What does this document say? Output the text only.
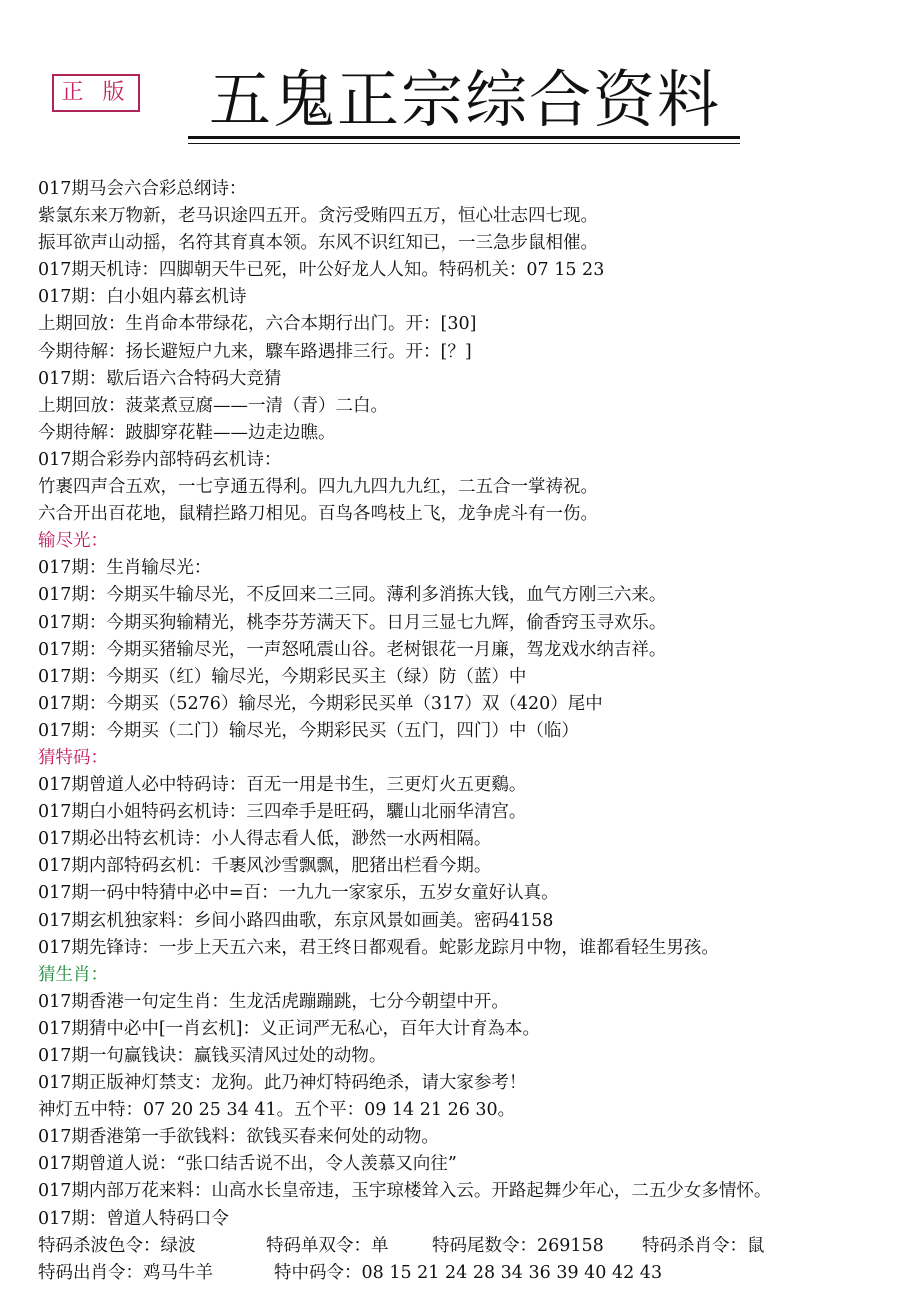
正 版	五鬼正宗综合资料
017期马会六合彩总纲诗：
紫氯东来万物新，老马识途四五开。贪污受贿四五万，恒心壮志四七现。
振耳欲声山动摇，名符其育真本领。东风不识红知已，一三急步鼠相催。
017期天机诗：四脚朝天牛已死，叶公好龙人人知。特码机关：07 15 23
017期：白小姐内幕玄机诗
上期回放：生肖命本带绿花，六合本期行出门。开：[30]
今期待解：扬长避短户九来，驟车路遇排三行。开：[？]
017期：歇后语六合特码大竞猜
上期回放：菠菜煮豆腐——一清（青）二白。
今期待解：跛脚穿花鞋——边走边瞧。
017期合彩券内部特码玄机诗：
竹裹四声合五欢，一七亨通五得利。四九九四九九红，二五合一掌祷祝。
六合开出百花地，鼠精拦路刀相见。百鸟各鸣枝上飞，龙争虎斗有一伤。
输尽光：
017期：生肖输尽光：
017期：今期买牛输尽光，不反回来二三同。薄利多消拣大钱，血气方刚三六来。
017期：今期买狗输精光，桃李芬芳满天下。日月三显七九辉，偷香窍玉寻欢乐。
017期：今期买猪输尽光，一声怒吼震山谷。老树银花一月廉，驾龙戏水纳吉祥。
017期：今期买（红）输尽光，今期彩民买主（绿）防（蓝）中
017期：今期买（5276）输尽光，今期彩民买单（317）双（420）尾中
017期：今期买（二门）输尽光，今期彩民买（五门，四门）中（临）
猜特码：
017期曾道人必中特码诗：百无一用是书生，三更灯火五更鷄。
017期白小姐特码玄机诗：三四牵手是旺码，驪山北丽华清宫。
017期必出特玄机诗：小人得志看人低，渺然一水两相隔。
017期内部特码玄机：千裹风沙雪飘飘，肥猪出栏看今期。
017期一码中特猜中必中=百：一九九一家家乐，五岁女童好认真。
017期玄机独家料：乡间小路四曲歌，东京风景如画美。密码4158
017期先锋诗：一步上天五六来，君王终日都观看。蛇影龙踪月中物，谁都看轻生男孩。
猜生肖：
017期香港一句定生肖：生龙活虎蹦蹦跳，七分今朝望中开。
017期猜中必中[一肖玄机]：义正词严无私心，百年大计育為本。
017期一句赢钱诀：赢钱买清风过处的动物。
017期正版神灯禁支：龙狗。此乃神灯特码绝杀，请大家参考！
神灯五中特：07 20 25 34 41。五个平：09 14 21 26 30。
017期香港第一手欲钱料：欲钱买春来何处的动物。
017期曾道人说：“张口结舌说不出，令人羡慕又向往”
017期内部万花来料：山高水长皇帝违，玉宇琼楼耸入云。开路起舞少年心，二五少女多情怀。
017期：曾道人特码口令
特码杀波色令：绿波	特码单双令：单 特码尾数令：269158 特码杀肖令：鼠
特码出肖令：鸡马牛羊	特中码令：08 15 21 24 28 34 36 39 40 42 43
